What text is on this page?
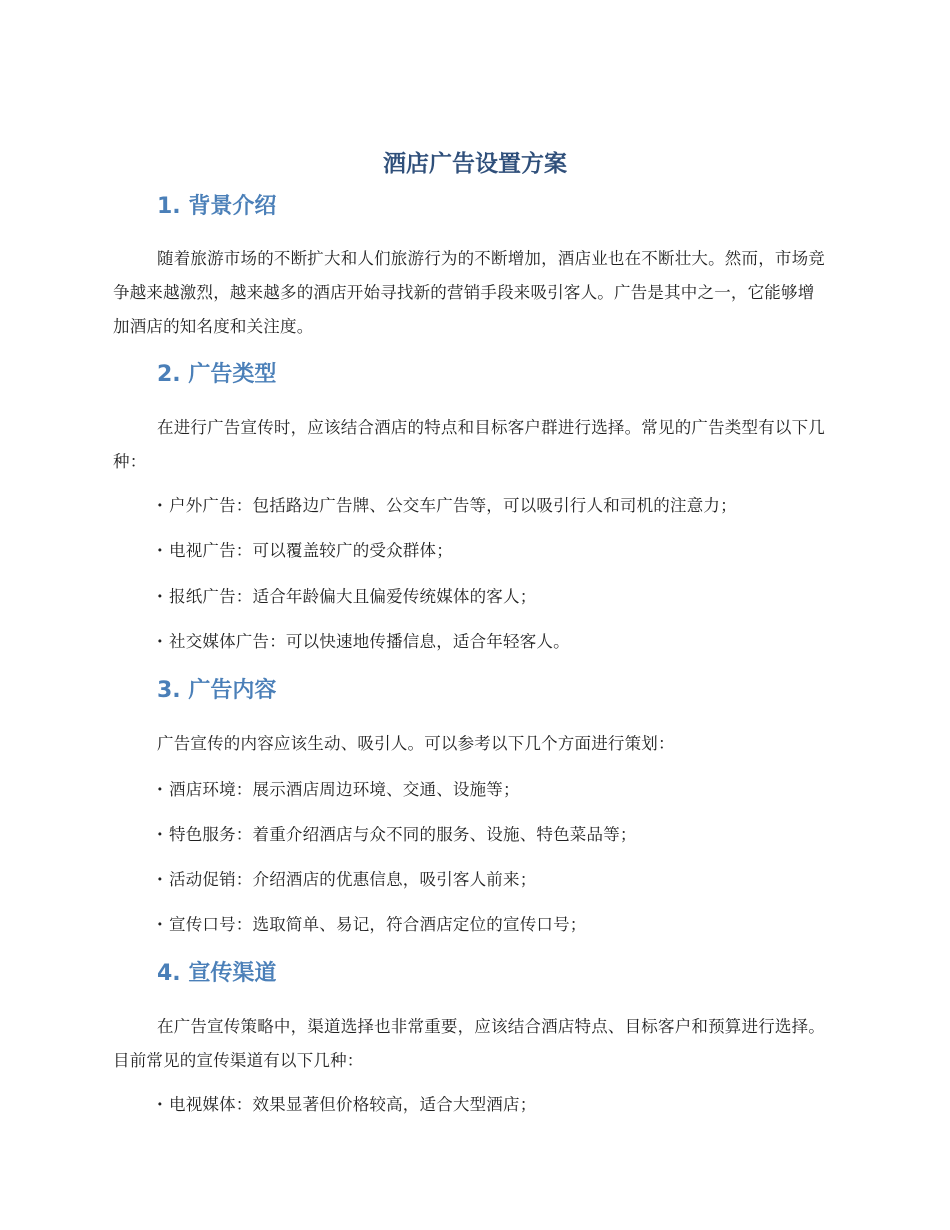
酒店广告设置方案
1. 背景介绍

随着旅游市场的不断扩大和人们旅游行为的不断增加，酒店业也在不断壮大。然而，市场竞争越来越激烈，越来越多的酒店开始寻找新的营销手段来吸引客人。广告是其中之一，它能够增加酒店的知名度和关注度。

2. 广告类型

在进行广告宣传时，应该结合酒店的特点和目标客户群进行选择。常见的广告类型有以下几种：

· 户外广告：包括路边广告牌、公交车广告等，可以吸引行人和司机的注意力；

· 电视广告：可以覆盖较广的受众群体；

· 报纸广告：适合年龄偏大且偏爱传统媒体的客人；

· 社交媒体广告：可以快速地传播信息，适合年轻客人。

3. 广告内容

广告宣传的内容应该生动、吸引人。可以参考以下几个方面进行策划：

· 酒店环境：展示酒店周边环境、交通、设施等；

· 特色服务：着重介绍酒店与众不同的服务、设施、特色菜品等；

· 活动促销：介绍酒店的优惠信息，吸引客人前来；

· 宣传口号：选取简单、易记，符合酒店定位的宣传口号；

4. 宣传渠道

在广告宣传策略中，渠道选择也非常重要，应该结合酒店特点、目标客户和预算进行选择。目前常见的宣传渠道有以下几种：

· 电视媒体：效果显著但价格较高，适合大型酒店；
